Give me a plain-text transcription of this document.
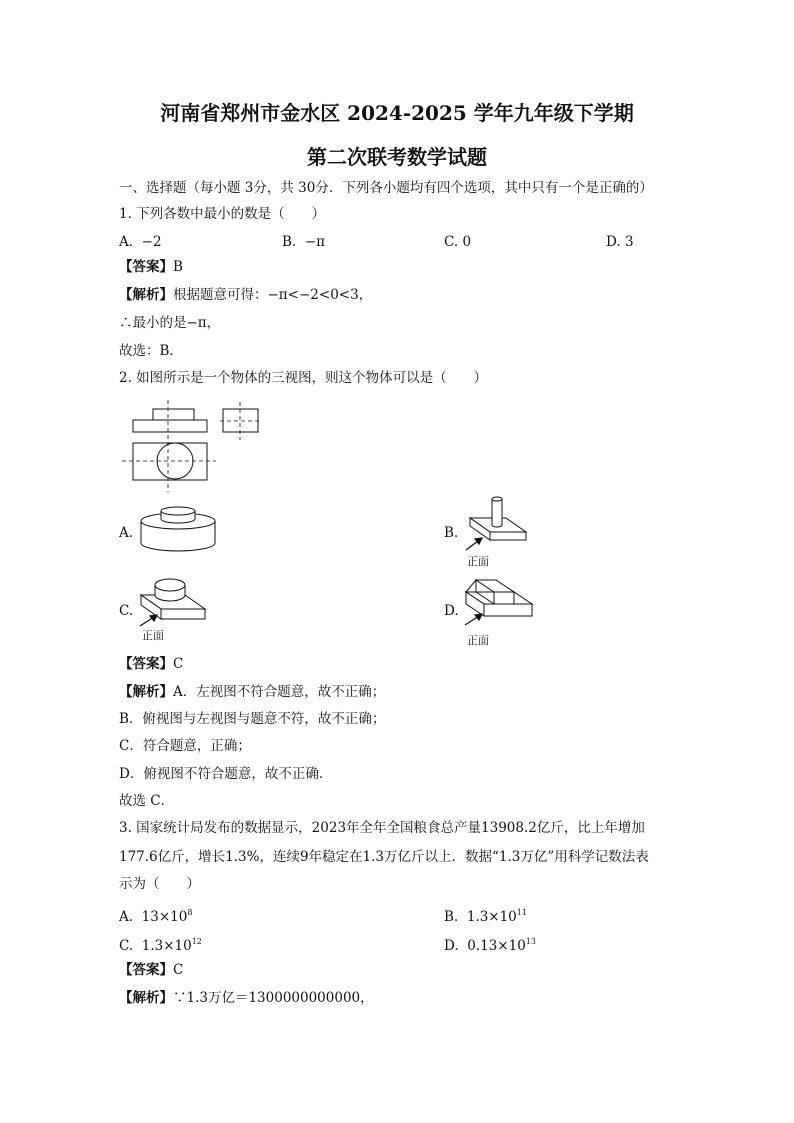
河南省郑州市金水区 2024-2025 学年九年级下学期
第二次联考数学试题
一、选择题（每小题 3分，共 30分．下列各小题均有四个选项，其中只有一个是正确的）
1. 下列各数中最小的数是（　　）
A. −2	B. −π	C. 0	D. 3
【答案】B
【解析】根据题意可得：−π<−2<0<3，
∴最小的是−π，
故选：B．
2. 如图所示是一个物体的三视图，则这个物体可以是（　　）
A.	B.
正面
C.
正面
D.
正面
【答案】C
【解析】A．左视图不符合题意，故不正确；
B．俯视图与左视图与题意不符，故不正确；
C．符合题意，正确；
D．俯视图不符合题意，故不正确．
故选 C．
3. 国家统计局发布的数据显示，2023年全年全国粮食总产量13908.2亿斤，比上年增加
177.6亿斤，增长1.3%，连续9年稳定在1.3万亿斤以上．数据“1.3万亿”用科学记数法表
示为（　　）
A. $13\times 10^8$	B. $1.3\times 10^{11}$
C. $1.3\times 10^{12}$	D. $0.13\times 10^{13}$
【答案】C
【解析】∵1.3万亿＝1300000000000，
